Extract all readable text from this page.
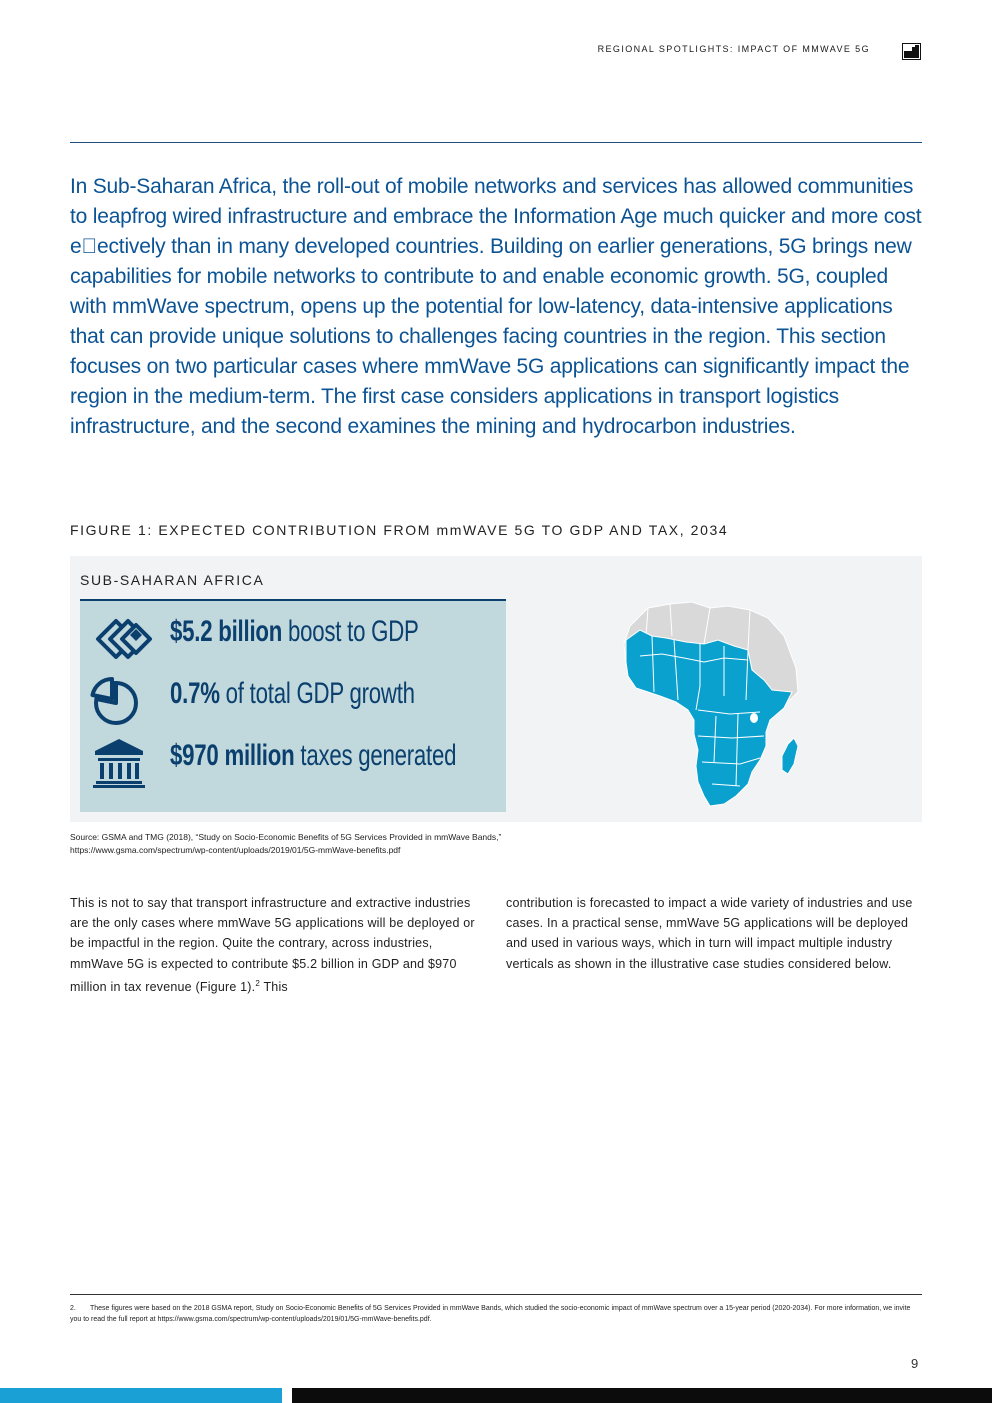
REGIONAL SPOTLIGHTS: IMPACT OF MMWAVE 5G
In Sub-Saharan Africa, the roll-out of mobile networks and services has allowed communities to leapfrog wired infrastructure and embrace the Information Age much quicker and more cost e ectively than in many developed countries. Building on earlier generations, 5G brings new capabilities for mobile networks to contribute to and enable economic growth. 5G, coupled with mmWave spectrum, opens up the potential for low-latency, data-intensive applications that can provide unique solutions to challenges facing countries in the region. This section focuses on two particular cases where mmWave 5G applications can significantly impact the region in the medium-term. The first case considers applications in transport logistics infrastructure, and the second examines the mining and hydrocarbon industries.
FIGURE 1: EXPECTED CONTRIBUTION FROM mmWAVE 5G TO GDP AND TAX, 2034
SUB-SAHARAN AFRICA
$5.2 billion boost to GDP
0.7% of total GDP growth
$970 million taxes generated
Source: GSMA and TMG (2018), “Study on Socio-Economic Benefits of 5G Services Provided in mmWave Bands,”
https://www.gsma.com/spectrum/wp-content/uploads/2019/01/5G-mmWave-benefits.pdf
This is not to say that transport infrastructure and extractive industries are the only cases where mmWave 5G applications will be deployed or be impactful in the region. Quite the contrary, across industries, mmWave 5G is expected to contribute $5.2 billion in GDP and $970 million in tax revenue (Figure 1).$^2$ This
contribution is forecasted to impact a wide variety of industries and use cases. In a practical sense, mmWave 5G applications will be deployed and used in various ways, which in turn will impact multiple industry verticals as shown in the illustrative case studies considered below.
2. These figures were based on the 2018 GSMA report, Study on Socio-Economic Benefits of 5G Services Provided in mmWave Bands, which studied the socio-economic impact of mmWave spectrum over a 15-year period (2020-2034). For more information, we invite you to read the full report at https://www.gsma.com/spectrum/wp-content/uploads/2019/01/5G-mmWave-benefits.pdf.
9
